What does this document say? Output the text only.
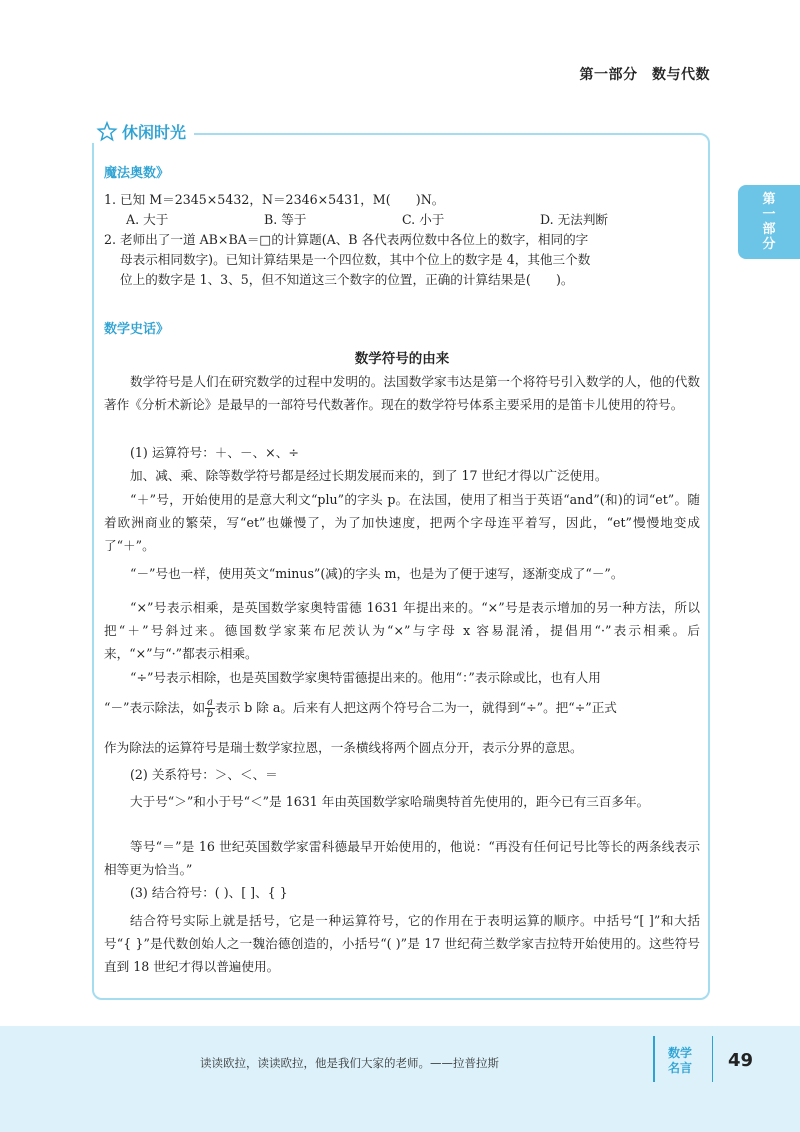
第一部分　数与代数
第
一
部
分
休闲时光
魔法奥数》
1. 已知 M＝2345×5432，N＝2346×5431，M(　　)N。
A. 大于	B. 等于	C. 小于	D. 无法判断
2. 老师出了一道 AB×BA＝□的计算题(A、B 各代表两位数中各位上的数字，相同的字
母表示相同数字)。已知计算结果是一个四位数，其中个位上的数字是 4，其他三个数
位上的数字是 1、3、5，但不知道这三个数字的位置，正确的计算结果是(　　)。
数学史话》
数学符号的由来
数学符号是人们在研究数学的过程中发明的。法国数学家韦达是第一个将符号引入数学的人，他的代数著作《分析术新论》是最早的一部符号代数著作。现在的数学符号体系主要采用的是笛卡儿使用的符号。
(1) 运算符号：＋、－、×、÷
加、减、乘、除等数学符号都是经过长期发展而来的，到了 17 世纪才得以广泛使用。
“＋”号，开始使用的是意大利文“plu”的字头 p。在法国，使用了相当于英语“and”(和)的词“et”。随着欧洲商业的繁荣，写“et”也嫌慢了，为了加快速度，把两个字母连平着写，因此，“et”慢慢地变成了“＋”。
“－”号也一样，使用英文“minus”(减)的字头 m，也是为了便于速写，逐渐变成了“－”。
“×”号表示相乘，是英国数学家奥特雷德 1631 年提出来的。“×”号是表示增加的另一种方法，所以把“＋”号斜过来。德国数学家莱布尼茨认为“×”与字母 x 容易混淆，提倡用“·”表示相乘。后来，“×”与“·”都表示相乘。
“÷”号表示相除，也是英国数学家奥特雷德提出来的。他用“：”表示除或比，也有人用
“－”表示除法，如 $\frac{a}{b}$ 表示 b 除 a。后来有人把这两个符号合二为一，就得到“÷”。把“÷”正式
作为除法的运算符号是瑞士数学家拉恩，一条横线将两个圆点分开，表示分界的意思。
(2) 关系符号：＞、＜、＝
大于号“＞”和小于号“＜”是 1631 年由英国数学家哈瑞奥特首先使用的，距今已有三百多年。
等号“＝”是 16 世纪英国数学家雷科德最早开始使用的，他说：“再没有任何记号比等长的两条线表示相等更为恰当。”
(3) 结合符号：( )、[ ]、{ }
结合符号实际上就是括号，它是一种运算符号，它的作用在于表明运算的顺序。中括号“[ ]”和大括号“{ }”是代数创始人之一魏治德创造的，小括号“( )”是 17 世纪荷兰数学家吉拉特开始使用的。这些符号直到 18 世纪才得以普遍使用。
读读欧拉，读读欧拉，他是我们大家的老师。——拉普拉斯
数学
名言 49
